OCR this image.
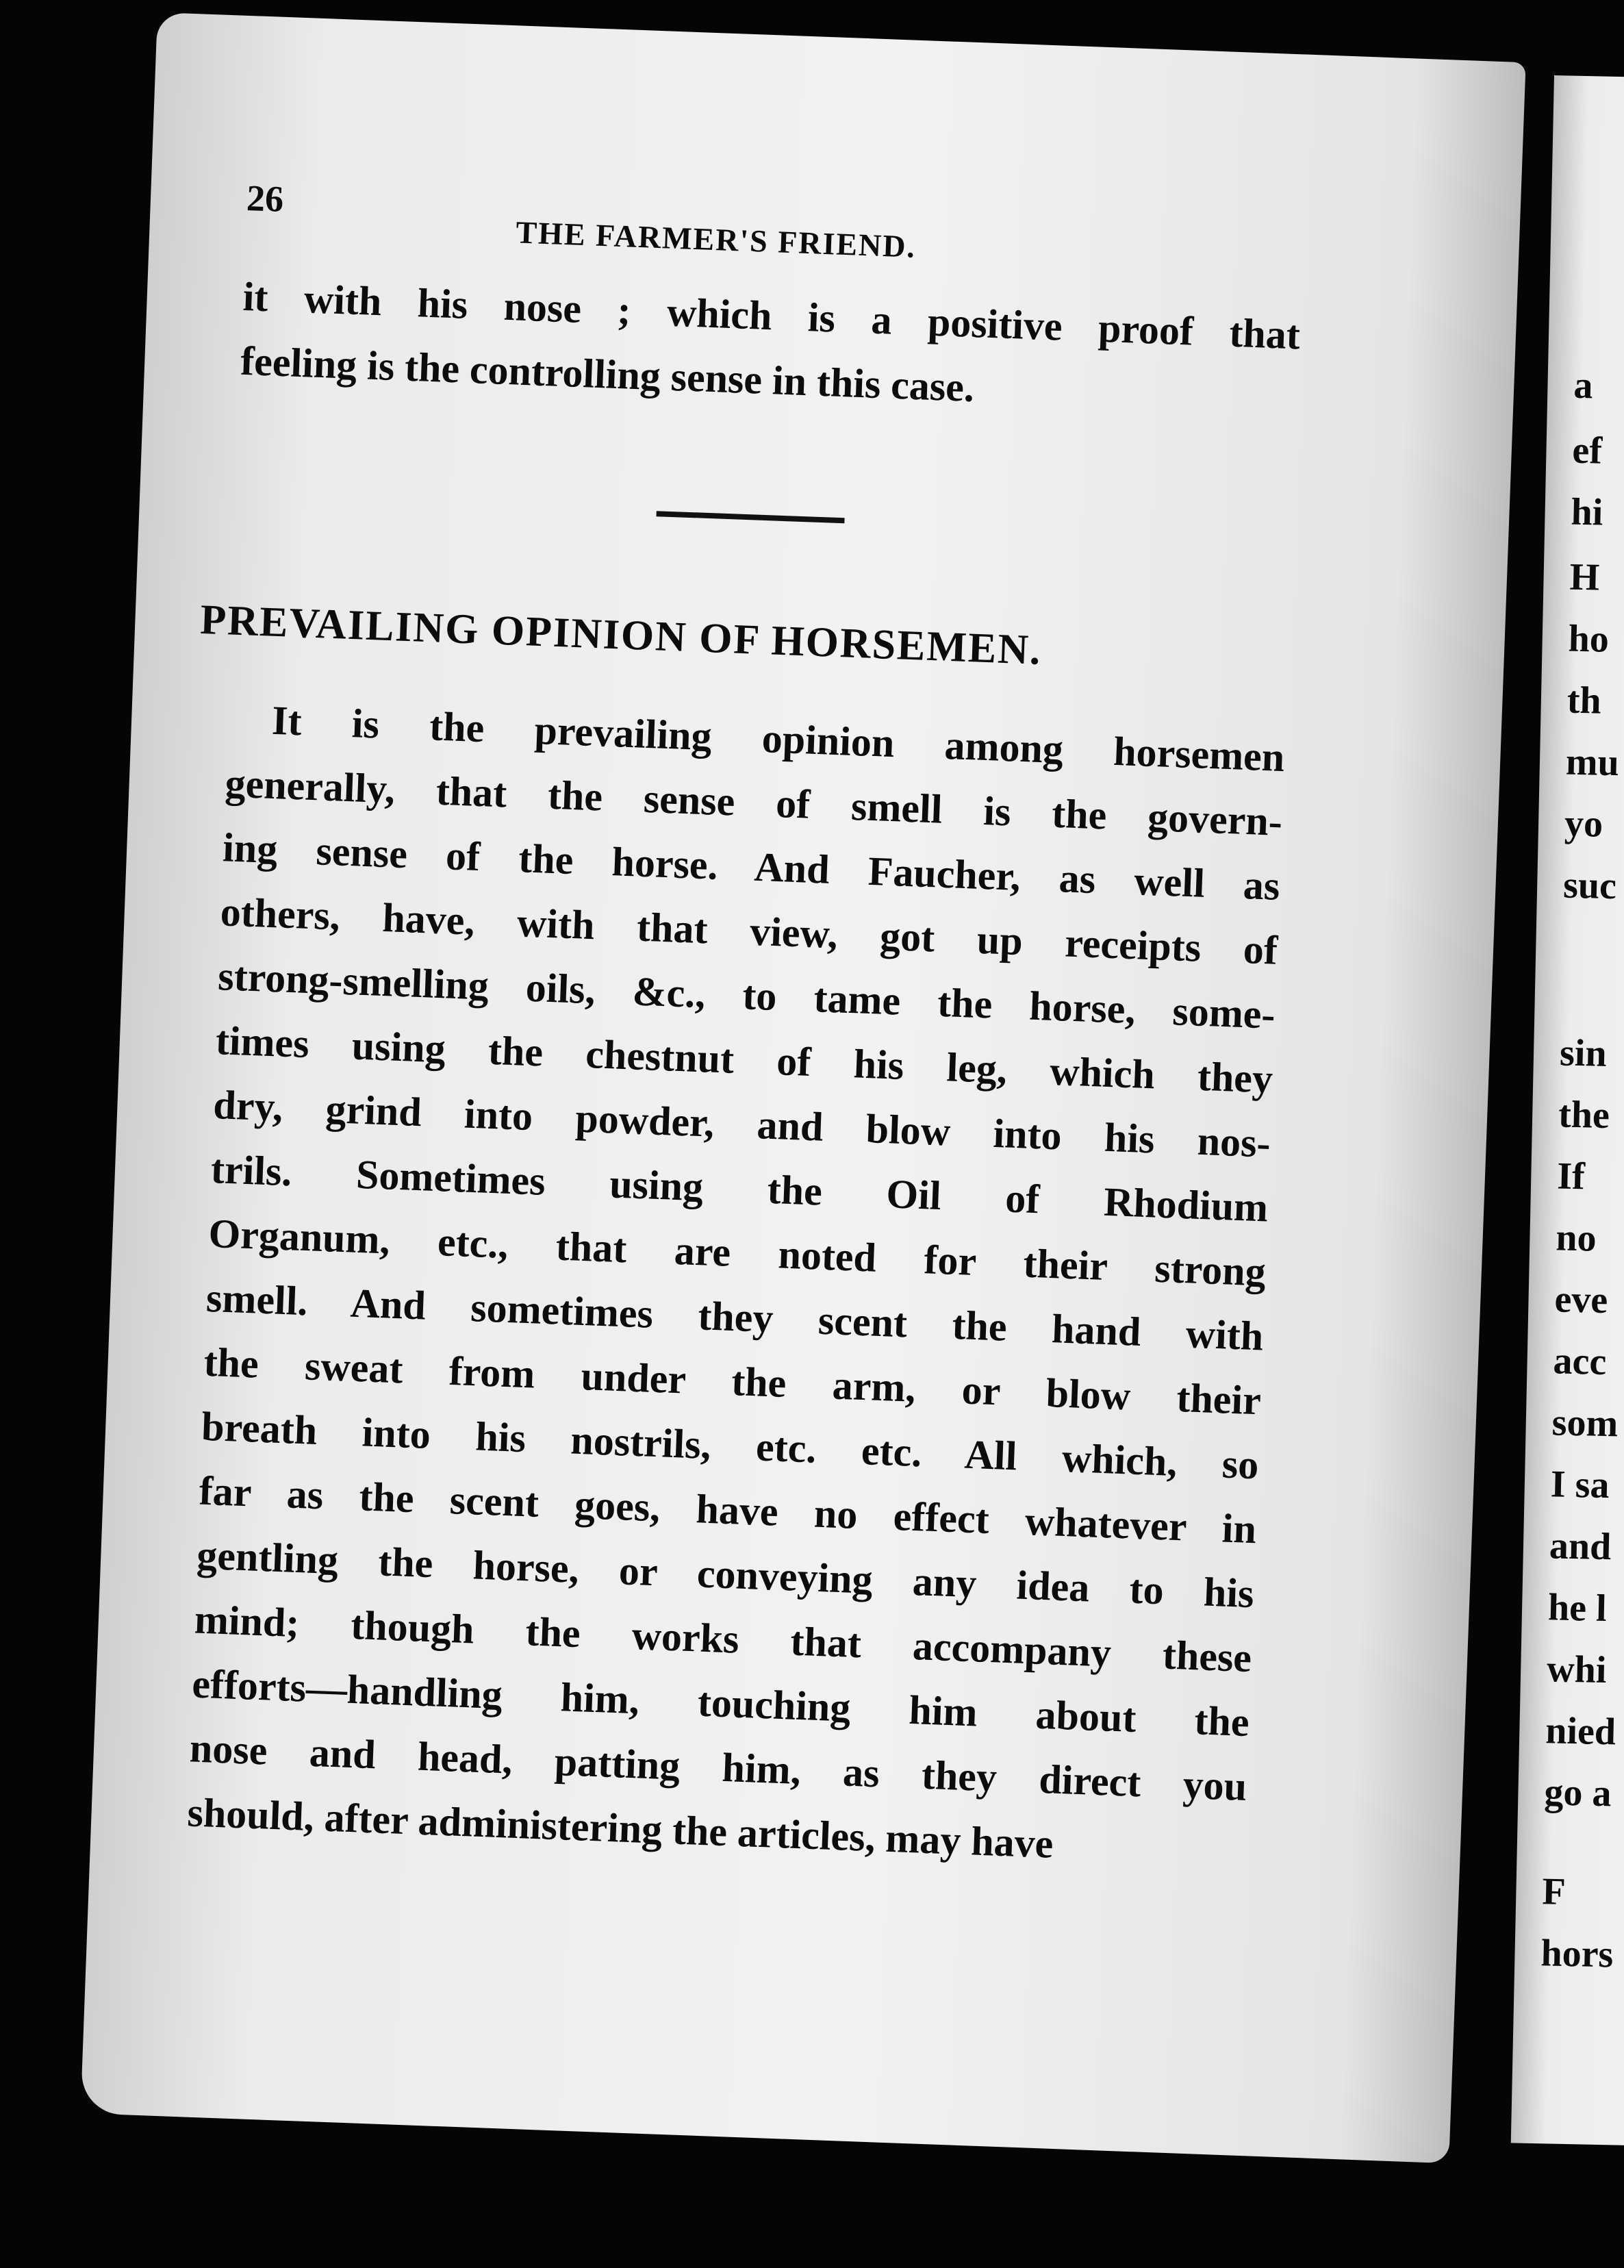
26
THE FARMER'S FRIEND.

it with his nose ; which is a positive proof that
feeling is the controlling sense in this case.

PREVAILING OPINION OF HORSEMEN.

It is the prevailing opinion among horsemen
generally, that the sense of smell is the govern-
ing sense of the horse. And Faucher, as well as
others, have, with that view, got up receipts of
strong-smelling oils, &c., to tame the horse, some-
times using the chestnut of his leg, which they
dry, grind into powder, and blow into his nos-
trils. Sometimes using the Oil of Rhodium
Organum, etc., that are noted for their strong
smell. And sometimes they scent the hand with
the sweat from under the arm, or blow their
breath into his nostrils, etc. etc. All which, so
far as the scent goes, have no effect whatever in
gentling the horse, or conveying any idea to his
mind; though the works that accompany these
efforts—handling him, touching him about the
nose and head, patting him, as they direct you
should, after administering the articles, may have

a
ef
hi
H
ho
th
mu
yo
suc
sin
the
If
no
eve
acc
som
I sa
and
he l
whi
nied
go a
F
hors
